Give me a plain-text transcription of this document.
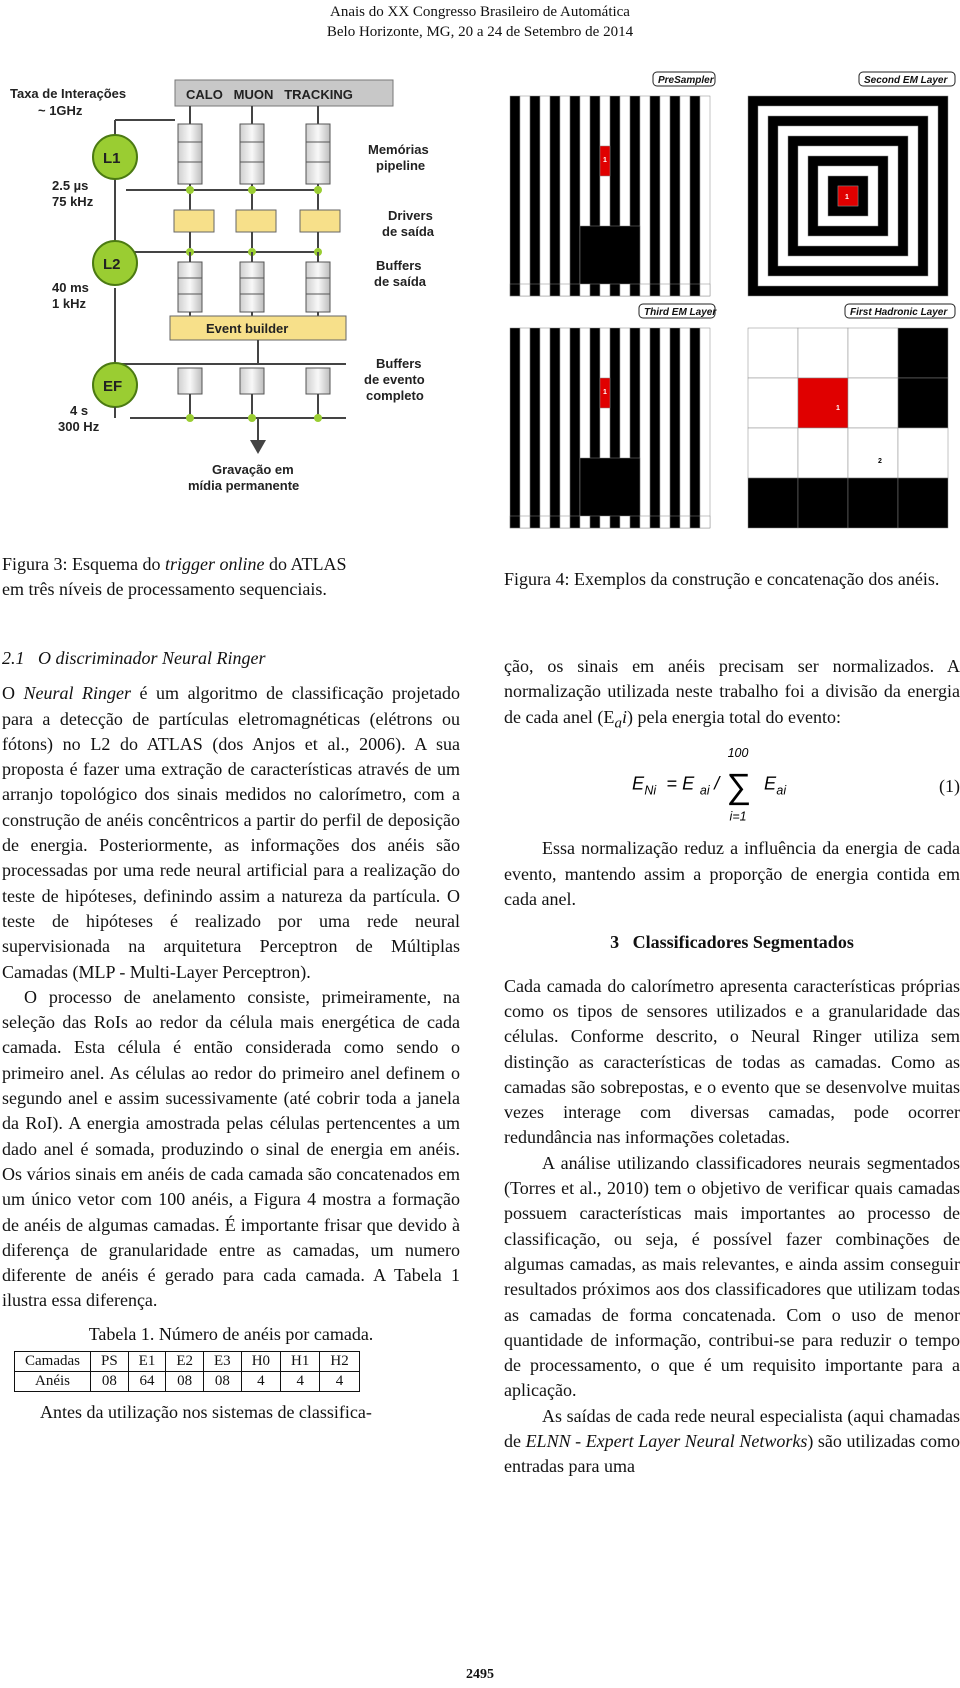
Anais do XX Congresso Brasileiro de Automática
Belo Horizonte, MG, 20 a 24 de Setembro de 2014
CALO   MUON   TRACKING
Taxa de Interações
~ 1GHz
Event builder
L1
L2
EF
2.5 µs
75 kHz
40 ms
1 kHz
4 s
300 Hz
Gravação em
mídia permanente
Memórias
pipeline
Drivers
de saída
Buffers
de saída
Buffers
de evento
completo
Figura 3: Esquema do trigger online do ATLAS
em três níveis de processamento sequenciais.
1
1
1
1
2
PreSampler	Second EM Layer
Third EM Layer	First Hadronic Layer
Figura 4: Exemplos da construção e concatenação dos anéis.
2.1 O discriminador Neural Ringer

O Neural Ringer é um algoritmo de classificação projetado para a detecção de partículas eletromagnéticas (elétrons ou fótons) no L2 do ATLAS (dos Anjos et al., 2006). A sua proposta é fazer uma extração de características através de um arranjo topológico dos sinais medidos no calorímetro, com a construção de anéis concêntricos a partir do perfil de deposição de energia. Posteriormente, as informações dos anéis são processadas por uma rede neural artificial para a realização do teste de hipóteses, definindo assim a natureza da partícula. O teste de hipóteses é realizado por uma rede neural supervisionada na arquitetura Perceptron de Múltiplas Camadas (MLP - Multi-Layer Perceptron).

O processo de anelamento consiste, primeiramente, na seleção das RoIs ao redor da célula mais energética de cada camada. Esta célula é então considerada como sendo o primeiro anel. As células ao redor do primeiro anel definem o segundo anel e assim sucessivamente (até cobrir toda a janela da RoI). A energia amostrada pelas células pertencentes a um dado anel é somada, produzindo o sinal de energia em anéis. Os vários sinais em anéis de cada camada são concatenados em um único vetor com 100 anéis, a Figura 4 mostra a formação de anéis de algumas camadas. É importante frisar que devido à diferença de granularidade entre as camadas, um numero diferente de anéis é gerado para cada camada. A Tabela 1 ilustra essa diferença.

Tabela 1. Número de anéis por camada.
Camadas	PS	E1	E2	E3	H0	H1	H2
Anéis	08	64	08	08	4	4	4

Antes da utilização nos sistemas de classifica-

ção, os sinais em anéis precisam ser normalizados. A normalização utilizada neste trabalho foi a divisão da energia de cada anel $(E_ai)$ pela energia total do evento:

E Ni = E ai /
100
∑
i=1
E ai	(1)

Essa normalização reduz a influência da energia de cada evento, mantendo assim a proporção de energia contida em cada anel.

3 Classificadores Segmentados

Cada camada do calorímetro apresenta características próprias como os tipos de sensores utilizados e a granularidade das células. Conforme descrito, o Neural Ringer utiliza sem distinção as características de todas as camadas. Como as camadas são sobrepostas, e o evento que se desenvolve muitas vezes interage com diversas camadas, pode ocorrer redundância nas informações coletadas.

A análise utilizando classificadores neurais segmentados (Torres et al., 2010) tem o objetivo de verificar quais camadas possuem características mais importantes ao processo de classificação, ou seja, é possível fazer combinações de algumas camadas, as mais relevantes, e ainda assim conseguir resultados próximos aos dos classificadores que utilizam todas as camadas de forma concatenada. Com o uso de menor quantidade de informação, contribui-se para reduzir o tempo de processamento, o que é um requisito importante para a aplicação.

As saídas de cada rede neural especialista (aqui chamadas de ELNN - Expert Layer Neural Networks) são utilizadas como entradas para uma

2495
